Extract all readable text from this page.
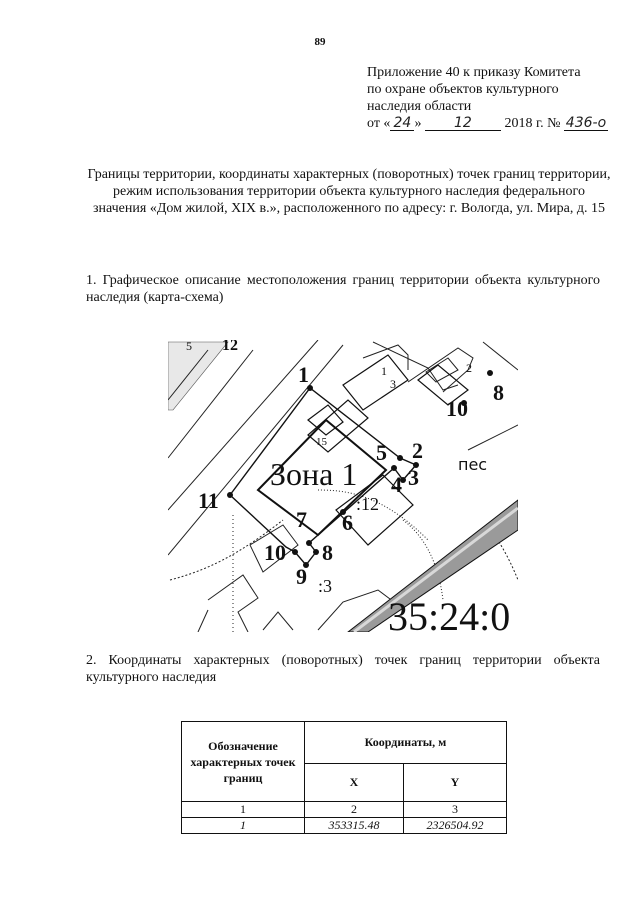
89
Приложение 40 к приказу Комитета
по охране объектов культурного
наследия области
от « 24 » 12 2018 г. № 436-о
Границы территории, координаты характерных (поворотных) точек границ территории, режим использования территории объекта культурного наследия федерального значения «Дом жилой, XIX в.», расположенного по адресу: г. Вологда, ул. Мира, д. 15
1. Графическое описание местоположения границ территории объекта культурного наследия (карта-схема)
12
1
2
3
4
5
6
7
8
9
10
11
8
10
Зона 1
:12
:3
пес
5
1
3
2
15
35:24:0
2. Координаты характерных (поворотных) точек границ территории объекта культурного наследия
Обозначение характерных точек границ	Координаты, м	
	X	Y
1	2	3
1	353315.48	2326504.92
